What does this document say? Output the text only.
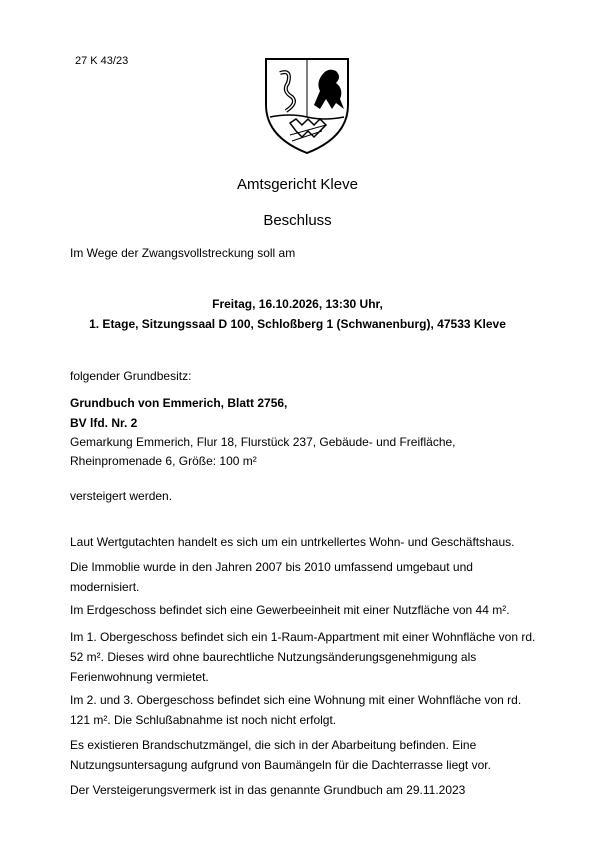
27 K 43/23
Amtsgericht Kleve
Beschluss
Im Wege der Zwangsvollstreckung soll am
Freitag, 16.10.2026, 13:30 Uhr,
1. Etage, Sitzungssaal D 100, Schloßberg 1 (Schwanenburg), 47533 Kleve
folgender Grundbesitz:
Grundbuch von Emmerich, Blatt 2756,
BV lfd. Nr. 2
Gemarkung Emmerich, Flur 18, Flurstück 237, Gebäude- und Freifläche,
Rheinpromenade 6, Größe: 100 m²
versteigert werden.
Laut Wertgutachten handelt es sich um ein untrkellertes Wohn- und Geschäftshaus.
Die Immoblie wurde in den Jahren 2007 bis 2010 umfassend umgebaut und modernisiert.
Im Erdgeschoss befindet sich eine Gewerbeeinheit mit einer Nutzfläche von 44 m².
Im 1. Obergeschoss befindet sich ein 1-Raum-Appartment mit einer Wohnfläche von rd. 52 m². Dieses wird ohne baurechtliche Nutzungsänderungsgenehmigung als Ferienwohnung vermietet.
Im 2. und 3. Obergeschoss befindet sich eine Wohnung mit einer Wohnfläche von rd. 121 m². Die Schlußabnahme ist noch nicht erfolgt.
Es existieren Brandschutzmängel, die sich in der Abarbeitung befinden. Eine Nutzungsuntersagung aufgrund von Baumängeln für die Dachterrasse liegt vor.
Der Versteigerungsvermerk ist in das genannte Grundbuch am 29.11.2023
